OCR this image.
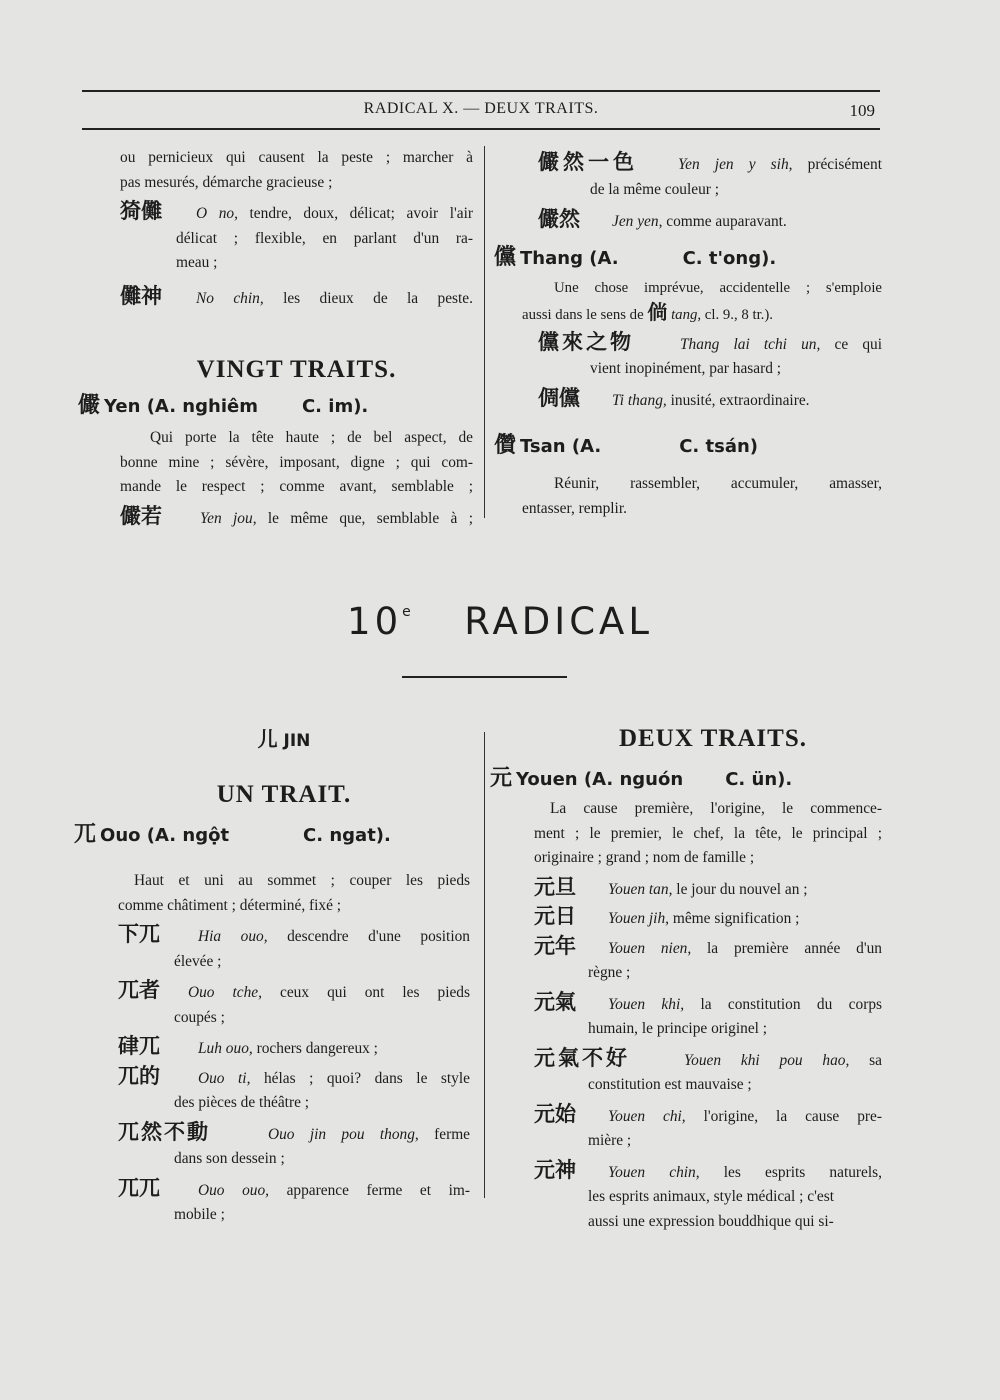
RADICAL X. — DEUX TRAITS.	109

ou pernicieux qui causent la peste ; marcher à

pas mesurés, démarche gracieuse ;

猗儺	O no, tendre, doux, délicat; avoir l'air

délicat ; flexible, en parlant d'un ra-

meau ;

儺神	No chin, les dieux de la peste.
VINGT TRAITS.
儼 Yen
(A. nghiêm C. im).

Qui porte la tête haute ; de bel aspect, de

bonne mine ; sévère, imposant, digne ; qui com-

mande le respect ; comme avant, semblable ;

儼若	Yen jou, le même que, semblable à ;
儼然一色	Yen jen y sih, précisément

de la même couleur ;

儼然	Jen yen, comme auparavant.
儻 Thang
(A.	C. t'ong).

Une chose imprévue, accidentelle ; s'emploie

aussi dans le sens de 倘 tang, cl. 9., 8 tr.).

儻來之物	Thang lai tchi un, ce qui

vient inopinément, par hasard ;

倜儻	Ti thang, inusité, extraordinaire.
儹 Tsan
(A.	C. tsán)

Réunir, rassembler, accumuler, amasser,

entasser, remplir.

10e RADICAL
儿 JIN
UN TRAIT.
兀 Ouo
(A. ngột	C. ngat).

Haut et uni au sommet ; couper les pieds

comme châtiment ; déterminé, fixé ;

下兀	Hia ouo, descendre d'une position

élevée ;

兀者	Ouo tche, ceux qui ont les pieds

coupés ;

硉兀	Luh ouo, rochers dangereux ;
兀的	Ouo ti, hélas ; quoi? dans le style

des pièces de théâtre ;

兀然不動	Ouo jin pou thong, ferme

dans son dessein ;

兀兀	Ouo ouo, apparence ferme et im-

mobile ;

DEUX TRAITS.
元 Youen
(A. nguón C. ün).

La cause première, l'origine, le commence-

ment ; le premier, le chef, la tête, le principal ;

originaire ; grand ; nom de famille ;

元旦	Youen tan, le jour du nouvel an ;
元日	Youen jih, même signification ;
元年	Youen nien, la première année d'un

règne ;

元氣	Youen khi, la constitution du corps

humain, le principe originel ;

元氣不好	Youen khi pou hao, sa

constitution est mauvaise ;

元始	Youen chi, l'origine, la cause pre-

mière ;

元神	Youen chin, les esprits naturels,

les esprits animaux, style médical ; c'est

aussi une expression bouddhique qui si-
